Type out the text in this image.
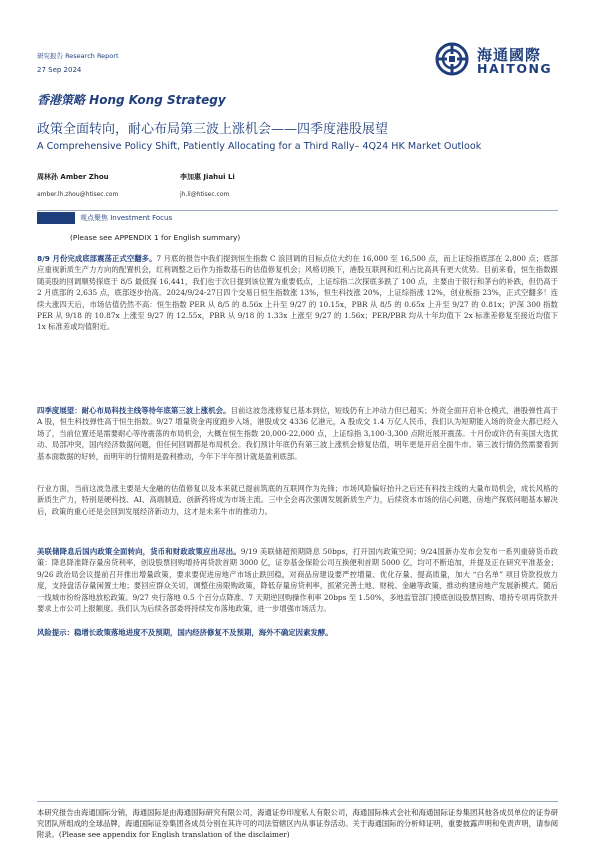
研究报告 Research Report
27 Sep 2024
海通國際
HAITONG
香港策略 Hong Kong Strategy
政策全面转向，耐心布局第三波上涨机会——四季度港股展望
A Comprehensive Policy Shift, Patiently Allocating for a Third Rally– 4Q24 HK Market Outlook
周林孙 Amber Zhou
amber.lh.zhou@htisec.com
李加惠 Jiahui Li
jh.li@htisec.com
观点聚焦 Investment Focus
(Please see APPENDIX 1 for English summary)
8/9 月份完成底部震荡正式空翻多。7 月底的报告中我们提到恒生指数 C 浪回调的目标点位大约在 16,000 至 16,500 点，而上证综指底部在 2,800 点；底部应重视新质生产力方向的配置机会，红利调整之后作为指数基石的估值修复机会；风格切换下，港股互联网和红利占比高具有更大优势。目前来看，恒生指数跟随美股的回调顺势探底于 8/5 最低探 16,441，我们也于次日提到该位置为重要低点，上证综指二次探底多跌了 100 点，主要由于银行和茅台的补跌，但仍高于 2 月底部的 2,635 点，底部逐步抬高。2024/9/24-27日四个交易日恒生指数涨 13%，恒生科技涨 20%，上证综指涨 12%，创业板指 23%，正式空翻多！连续大涨四天后，市场估值仍然不高：恒生指数 PER 从 8/5 的 8.56x 上升至 9/27 的 10.15x，PBR 从 8/5 的 0.65x 上升至 9/27 的 0.81x；沪深 300 指数 PER 从 9/18 的 10.87x 上涨至 9/27 的 12.55x，PBR 从 9/18 的 1.33x 上涨至 9/27 的 1.56x；PER/PBR 均从十年均值下 2x 标准差修复至接近均值下 1x 标准差或均值附近。
四季度展望：耐心布局科技主线等待年底第三波上涨机会。目前这波急涨修复已基本到位，短线仍有上冲动力但已超买；外资全面开启补仓模式，港股弹性高于 A 股，恒生科技弹性高于恒生指数。9/27 增量资金再度跑步入场，港股成交 4336 亿港元，A 股成交 1.4 万亿人民币，我们认为短期能入场的资金大都已经入场了，当前位置还是需要耐心等待震荡的布局机会，大概在恒生指数 20,000-22,000 点，上证综指 3,100-3,300 点附近展开震荡。十月份或许仍有美国大选扰动、局部冲突，国内经济数据问题，但任何回调都是布局机会。我们预计年底仍有第三波上涨机会修复估值，明年更是开启全面牛市。第三波行情仍然需要看到基本面数据的好转，而明年的行情则是盈利推动，今年下半年预计就是盈利底部。
行业方面，当前这波急涨主要是大金融的估值修复以及本来就已提前筑底的互联网作为先锋；市场风险偏好抬升之后还有科技主线的大量布局机会，成长风格的新质生产力，特别是硬科技、AI、高端制造、创新药将成为市场主流。三中全会再次强调发展新质生产力，后续资本市场的信心问题、房地产探底问题基本解决后，政策的重心还是会回到发展经济新动力，这才是未来牛市的推动力。
美联储降息后国内政策全面转向，货币和财政政策应出尽出。9/19 美联储超预期降息 50bps，打开国内政策空间；9/24国新办发布会发布一系列重磅货币政策：降息降准降存量房贷利率，创设股票回购增持再贷款首期 3000 亿，证券基金保险公司互换便利首期 5000 亿，均可不断追加，并提及正在研究平准基金；9/26 政治局会议提前召开推出增量政策，要求要促进房地产市场止跌回稳，对商品房建设要严控增量、优化存量、提高质量，加大 “白名单” 项目贷款投放力度，支持盘活存量闲置土地；要回应群众关切，调整住房限购政策，降低存量房贷利率，抓紧完善土地、财税、金融等政策，推动构建房地产发展新模式。随后一线城市纷纷落地放松政策。9/27 央行落地 0.5 个百分点降准、7 天期逆回购操作利率 20bps 至 1.50%，多地监管部门摸底创设股票回购、增持专项再贷款并要求上市公司上报额度。我们认为后续各部委将持续发布落地政策，进一步增强市场活力。
风险提示：稳增长政策落地进度不及预期，国内经济修复不及预期，海外不确定因素发酵。
本研究报告由海通国际分销，海通国际是由海通国际研究有限公司，海通证券印度私人有限公司，海通国际株式会社和海通国际证券集团其他各成员单位的证券研究团队所组成的全球品牌，海通国际证券集团各成员分别在其许可的司法管辖区内从事证券活动。关于海通国际的分析师证明，重要披露声明和免责声明，请参阅附录。(Please see appendix for English translation of the disclaimer)
